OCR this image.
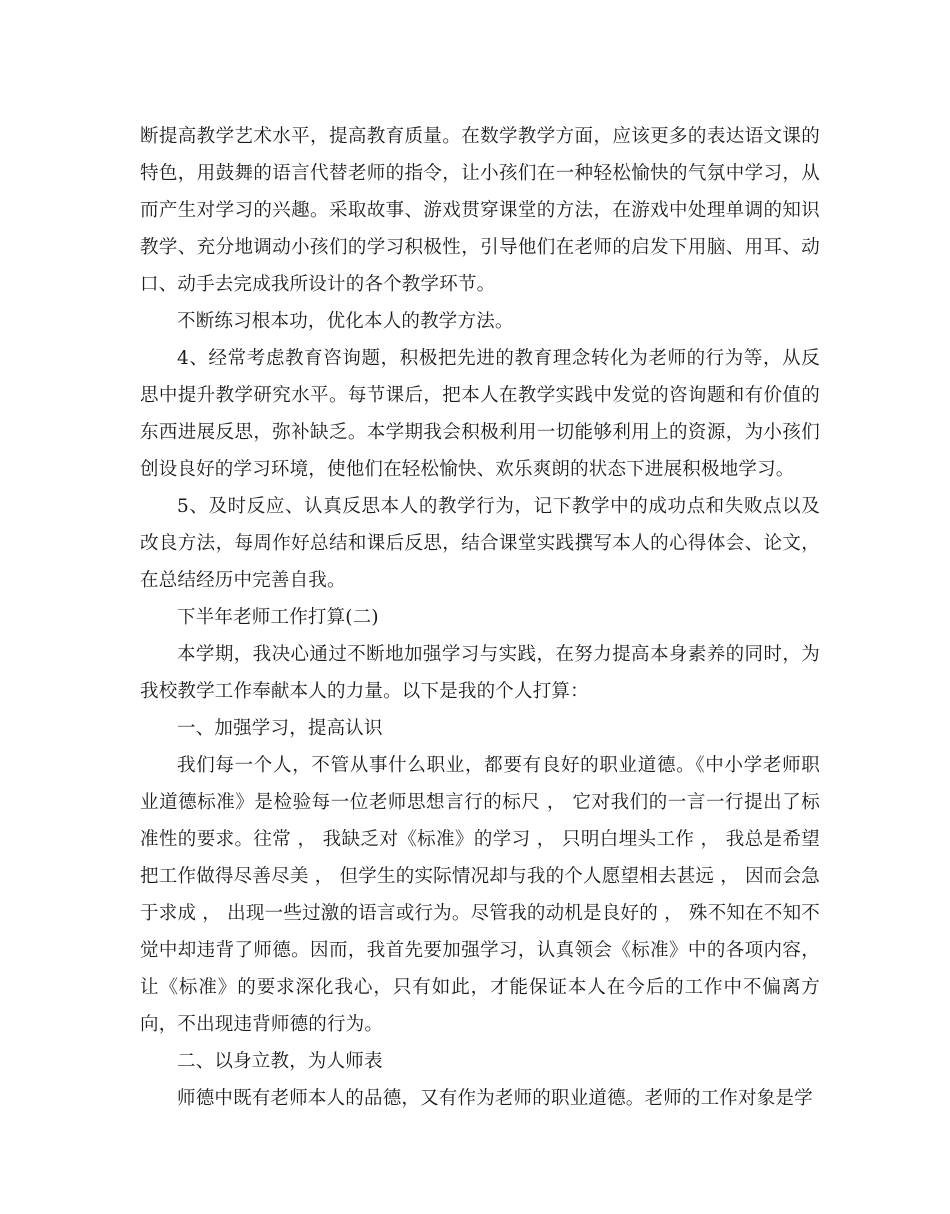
断提高教学艺术水平，提高教育质量。在数学教学方面，应该更多的表达语文课的特色，用鼓舞的语言代替老师的指令，让小孩们在一种轻松愉快的气氛中学习，从而产生对学习的兴趣。采取故事、游戏贯穿课堂的方法，在游戏中处理单调的知识教学、充分地调动小孩们的学习积极性，引导他们在老师的启发下用脑、用耳、动口、动手去完成我所设计的各个教学环节。

不断练习根本功，优化本人的教学方法。

4、经常考虑教育咨询题，积极把先进的教育理念转化为老师的行为等，从反思中提升教学研究水平。每节课后，把本人在教学实践中发觉的咨询题和有价值的东西进展反思，弥补缺乏。本学期我会积极利用一切能够利用上的资源，为小孩们创设良好的学习环境，使他们在轻松愉快、欢乐爽朗的状态下进展积极地学习。

5、及时反应、认真反思本人的教学行为，记下教学中的成功点和失败点以及改良方法，每周作好总结和课后反思，结合课堂实践撰写本人的心得体会、论文，在总结经历中完善自我。

下半年老师工作打算(二)

本学期，我决心通过不断地加强学习与实践，在努力提高本身素养的同时，为我校教学工作奉献本人的力量。以下是我的个人打算：

一、加强学习，提高认识

我们每一个人，不管从事什么职业，都要有良好的职业道德。《中小学老师职业道德标准》是检验每一位老师思想言行的标尺 ， 它对我们的一言一行提出了标准性的要求。往常 ， 我缺乏对《标准》的学习 ， 只明白埋头工作 ， 我总是希望把工作做得尽善尽美 ， 但学生的实际情况却与我的个人愿望相去甚远 ， 因而会急于求成 ， 出现一些过激的语言或行为。尽管我的动机是良好的 ， 殊不知在不知不觉中却违背了师德。因而，我首先要加强学习，认真领会《标准》中的各项内容，让《标准》的要求深化我心，只有如此，才能保证本人在今后的工作中不偏离方向，不出现违背师德的行为。

二、以身立教，为人师表

师德中既有老师本人的品德，又有作为老师的职业道德。老师的工作对象是学
